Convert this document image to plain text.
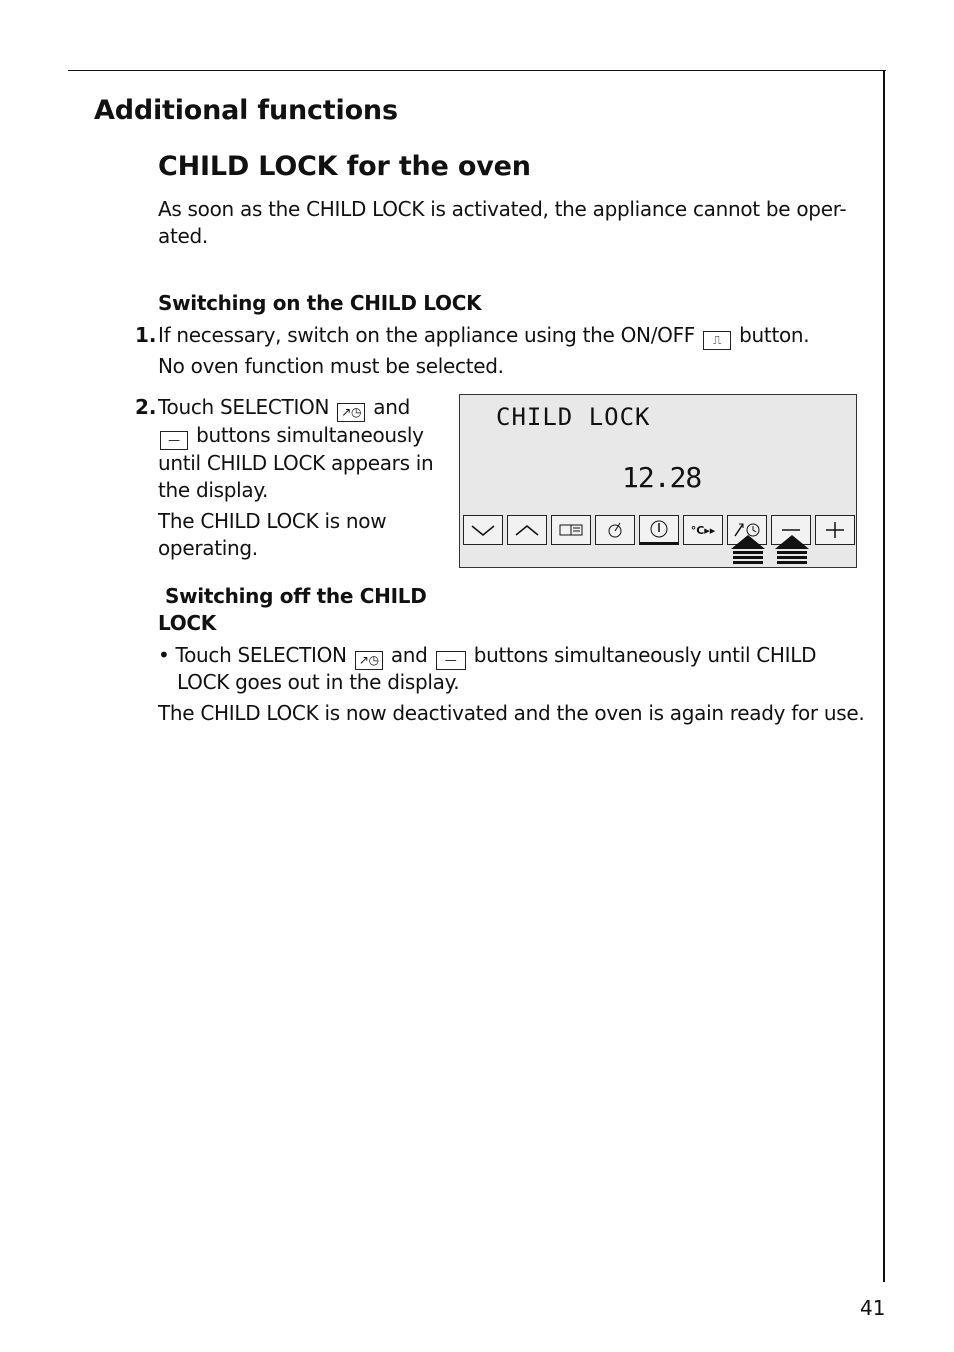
Additional functions
CHILD LOCK for the oven

As soon as the CHILD LOCK is activated, the appliance cannot be oper-
ated.

Switching on the CHILD LOCK

1. If necessary, switch on the appliance using the ON/OFF ⎍ button.

No oven function must be selected.

2. Touch SELECTION ↗◷ and
— buttons simultaneously
until CHILD LOCK appears in
the display.
The CHILD LOCK is now
operating.
CHILD LOCK
12.28
°C▸▸
Switching off the CHILD
LOCK

• Touch SELECTION ↗◷ and — buttons simultaneously until CHILD

LOCK goes out in the display.

The CHILD LOCK is now deactivated and the oven is again ready for use.

41
